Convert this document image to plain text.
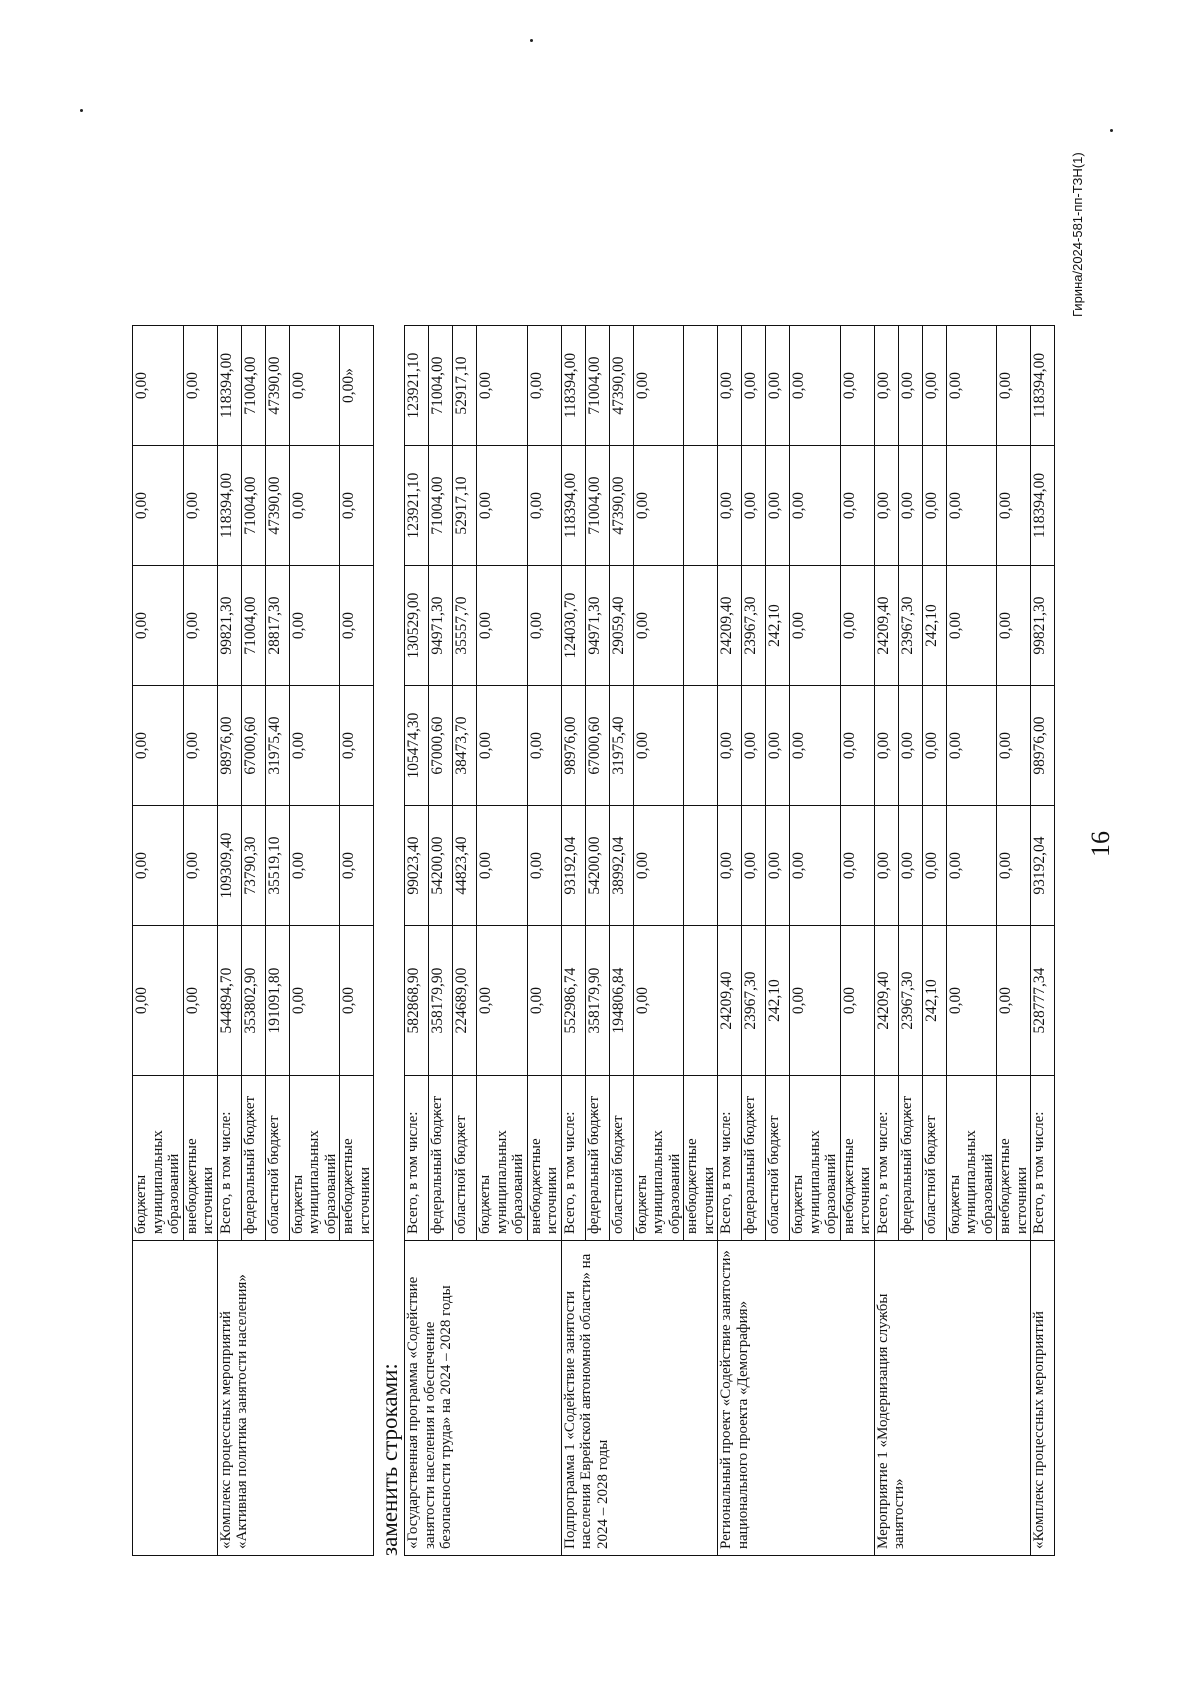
16
	бюджеты муниципальных образований	0,00	0,00	0,00	0,00	0,00	0,00
	внебюджетные источники	0,00	0,00	0,00	0,00	0,00	0,00
«Комплекс процессных мероприятий «Активная политика занятости населения»	Всего, в том числе:	544894,70	109309,40	98976,00	99821,30	118394,00	118394,00
	федеральный бюджет	353802,90	73790,30	67000,60	71004,00	71004,00	71004,00
	областной бюджет	191091,80	35519,10	31975,40	28817,30	47390,00	47390,00
	бюджеты муниципальных образований	0,00	0,00	0,00	0,00	0,00	0,00
	внебюджетные источники	0,00	0,00	0,00	0,00	0,00	0,00»
заменить строками: «Государственная программа «Содействие занятости населения и обеспечение безопасности труда» на 2024 – 2028 годы	Всего, в том числе:	582868,90	99023,40	105474,30	130529,00	123921,10	123921,10
	федеральный бюджет	358179,90	54200,00	67000,60	94971,30	71004,00	71004,00
	областной бюджет	224689,00	44823,40	38473,70	35557,70	52917,10	52917,10
	бюджеты муниципальных образований	0,00	0,00	0,00	0,00	0,00	0,00
	внебюджетные источники	0,00	0,00	0,00	0,00	0,00	0,00
Подпрограмма 1 «Содействие занятости населения Еврейской автономной области» на 2024 – 2028 годы	Всего, в том числе:	552986,74	93192,04	98976,00	124030,70	118394,00	118394,00
	федеральный бюджет	358179,90	54200,00	67000,60	94971,30	71004,00	71004,00
	областной бюджет	194806,84	38992,04	31975,40	29059,40	47390,00	47390,00
	бюджеты муниципальных образований	0,00	0,00	0,00	0,00	0,00	0,00
	внебюджетные источники						
Региональный проект «Содействие занятости» национального проекта «Демография»	Всего, в том числе:	24209,40	0,00	0,00	24209,40	0,00	0,00
	федеральный бюджет	23967,30	0,00	0,00	23967,30	0,00	0,00
	областной бюджет	242,10	0,00	0,00	242,10	0,00	0,00
	бюджеты муниципальных образований	0,00	0,00	0,00	0,00	0,00	0,00
	внебюджетные источники	0,00	0,00	0,00	0,00	0,00	0,00
Мероприятие 1 «Модернизация службы занятости»	Всего, в том числе:	24209,40	0,00	0,00	24209,40	0,00	0,00
	федеральный бюджет	23967,30	0,00	0,00	23967,30	0,00	0,00
	областной бюджет	242,10	0,00	0,00	242,10	0,00	0,00
	бюджеты муниципальных образований	0,00	0,00	0,00	0,00	0,00	0,00
	внебюджетные источники	0,00	0,00	0,00	0,00	0,00	0,00
«Комплекс процессных мероприятий	Всего, в том числе:	528777,34	93192,04	98976,00	99821,30	118394,00	118394,00
Гирина/2024-581-пп-ТЗН(1)
